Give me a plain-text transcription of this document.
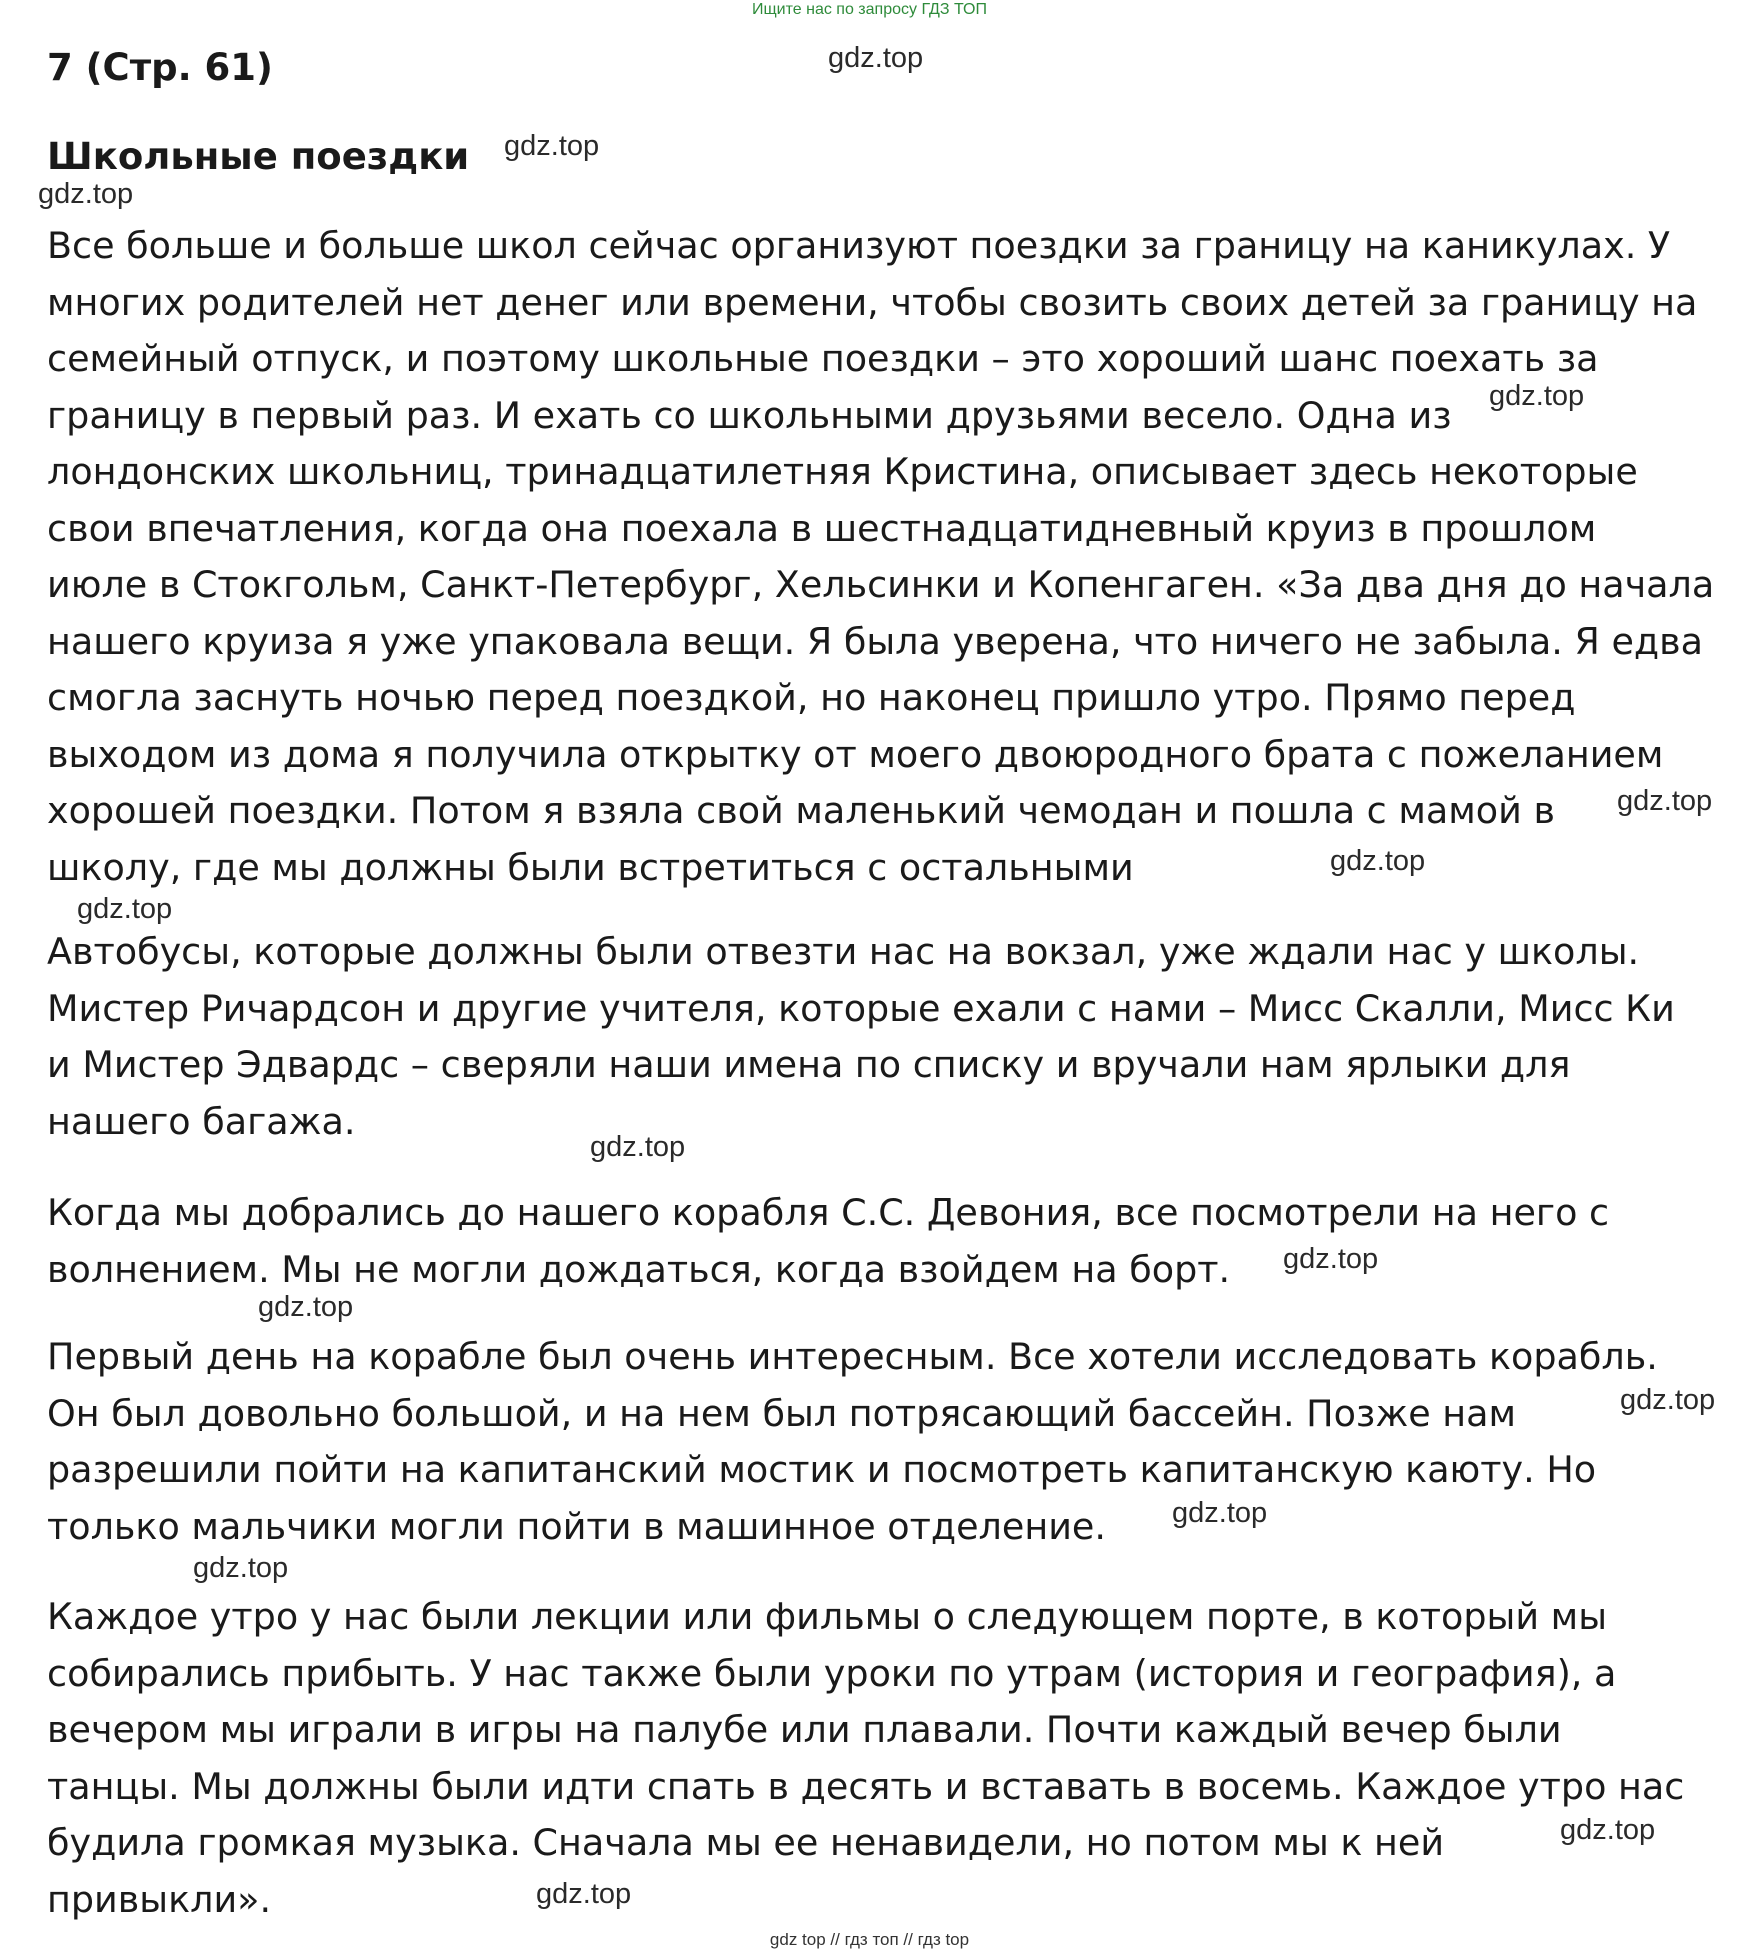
Ищите нас по запросу ГДЗ ТОП
7 (Стр. 61)
Школьные поездки
Все больше и больше школ сейчас организуют поездки за границу на каникулах. У
многих родителей нет денег или времени, чтобы свозить своих детей за границу на
семейный отпуск, и поэтому школьные поездки – это хороший шанс поехать за
границу в первый раз. И ехать со школьными друзьями весело. Одна из
лондонских школьниц, тринадцатилетняя Кристина, описывает здесь некоторые
свои впечатления, когда она поехала в шестнадцатидневный круиз в прошлом
июле в Стокгольм, Санкт-Петербург, Хельсинки и Копенгаген. «За два дня до начала
нашего круиза я уже упаковала вещи. Я была уверена, что ничего не забыла. Я едва
смогла заснуть ночью перед поездкой, но наконец пришло утро. Прямо перед
выходом из дома я получила открытку от моего двоюродного брата с пожеланием
хорошей поездки. Потом я взяла свой маленький чемодан и пошла с мамой в
школу, где мы должны были встретиться с остальными
Автобусы, которые должны были отвезти нас на вокзал, уже ждали нас у школы.
Мистер Ричардсон и другие учителя, которые ехали с нами – Мисс Скалли, Мисс Ки
и Мистер Эдвардс – сверяли наши имена по списку и вручали нам ярлыки для
нашего багажа.
Когда мы добрались до нашего корабля С.С. Девония, все посмотрели на него с
волнением. Мы не могли дождаться, когда взойдем на борт.
Первый день на корабле был очень интересным. Все хотели исследовать корабль.
Он был довольно большой, и на нем был потрясающий бассейн. Позже нам
разрешили пойти на капитанский мостик и посмотреть капитанскую каюту. Но
только мальчики могли пойти в машинное отделение.
Каждое утро у нас были лекции или фильмы о следующем порте, в который мы
собирались прибыть. У нас также были уроки по утрам (история и география), а
вечером мы играли в игры на палубе или плавали. Почти каждый вечер были
танцы. Мы должны были идти спать в десять и вставать в восемь. Каждое утро нас
будила громкая музыка. Сначала мы ее ненавидели, но потом мы к ней
привыкли».
gdz.top
gdz.top
gdz.top
gdz.top
gdz.top
gdz.top
gdz.top
gdz.top
gdz.top
gdz.top
gdz.top
gdz.top
gdz.top
gdz.top
gdz.top
gdz top // гдз топ // гдз top
